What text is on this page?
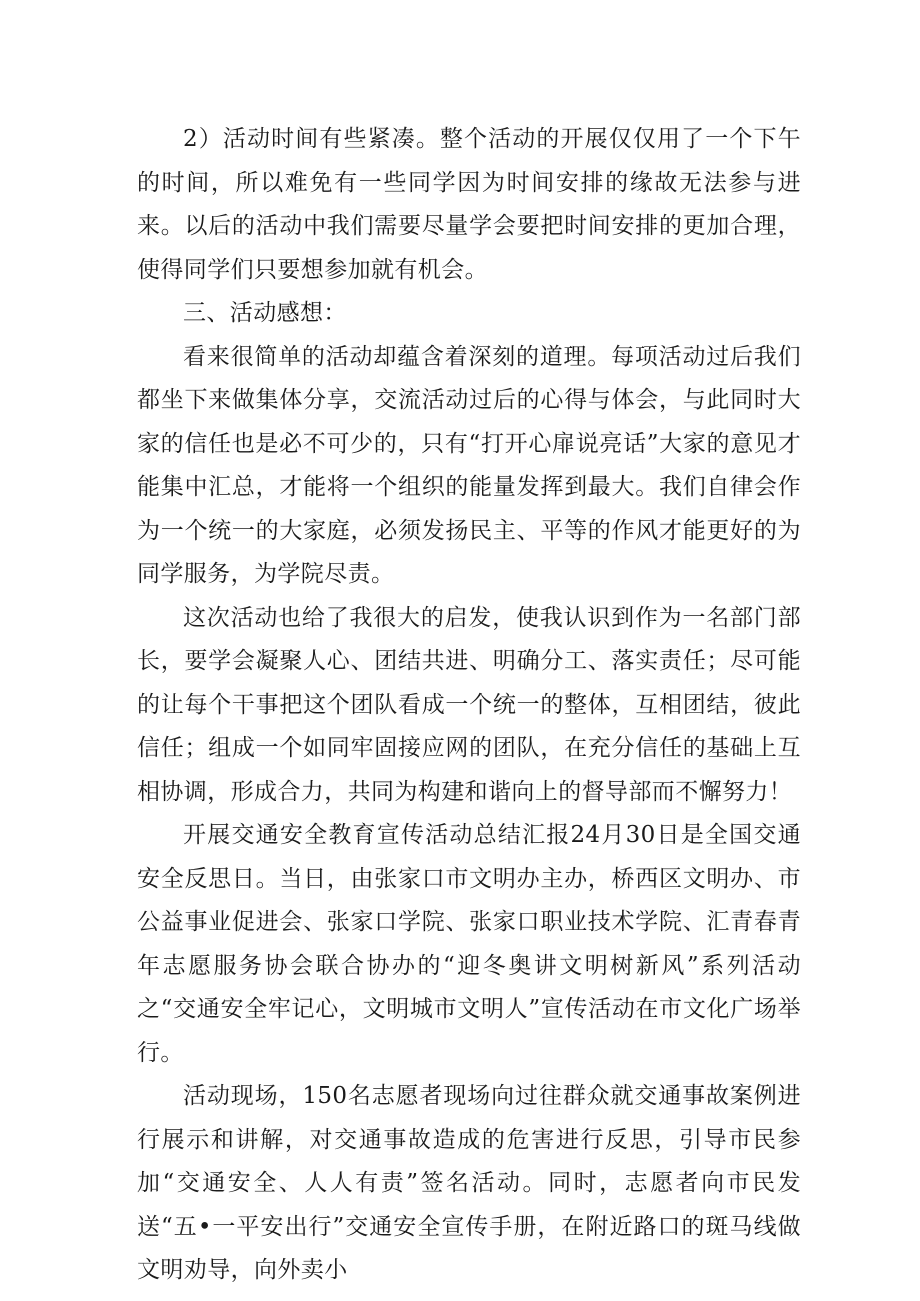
2）活动时间有些紧凑。整个活动的开展仅仅用了一个下午的时间，所以难免有一些同学因为时间安排的缘故无法参与进来。以后的活动中我们需要尽量学会要把时间安排的更加合理，使得同学们只要想参加就有机会。

三、活动感想：

看来很简单的活动却蕴含着深刻的道理。每项活动过后我们都坐下来做集体分享，交流活动过后的心得与体会，与此同时大家的信任也是必不可少的，只有“打开心扉说亮话”大家的意见才能集中汇总，才能将一个组织的能量发挥到最大。我们自律会作为一个统一的大家庭，必须发扬民主、平等的作风才能更好的为同学服务，为学院尽责。

这次活动也给了我很大的启发，使我认识到作为一名部门部长，要学会凝聚人心、团结共进、明确分工、落实责任；尽可能的让每个干事把这个团队看成一个统一的整体，互相团结，彼此信任；组成一个如同牢固接应网的团队，在充分信任的基础上互相协调，形成合力，共同为构建和谐向上的督导部而不懈努力！

开展交通安全教育宣传活动总结汇报24月30日是全国交通安全反思日。当日，由张家口市文明办主办，桥西区文明办、市公益事业促进会、张家口学院、张家口职业技术学院、汇青春青年志愿服务协会联合协办的“迎冬奥讲文明树新风”系列活动之“交通安全牢记心，文明城市文明人”宣传活动在市文化广场举行。

活动现场，150名志愿者现场向过往群众就交通事故案例进行展示和讲解，对交通事故造成的危害进行反思，引导市民参加“交通安全、人人有责”签名活动。同时，志愿者向市民发送“五•一平安出行”交通安全宣传手册，在附近路口的斑马线做文明劝导，向外卖小
